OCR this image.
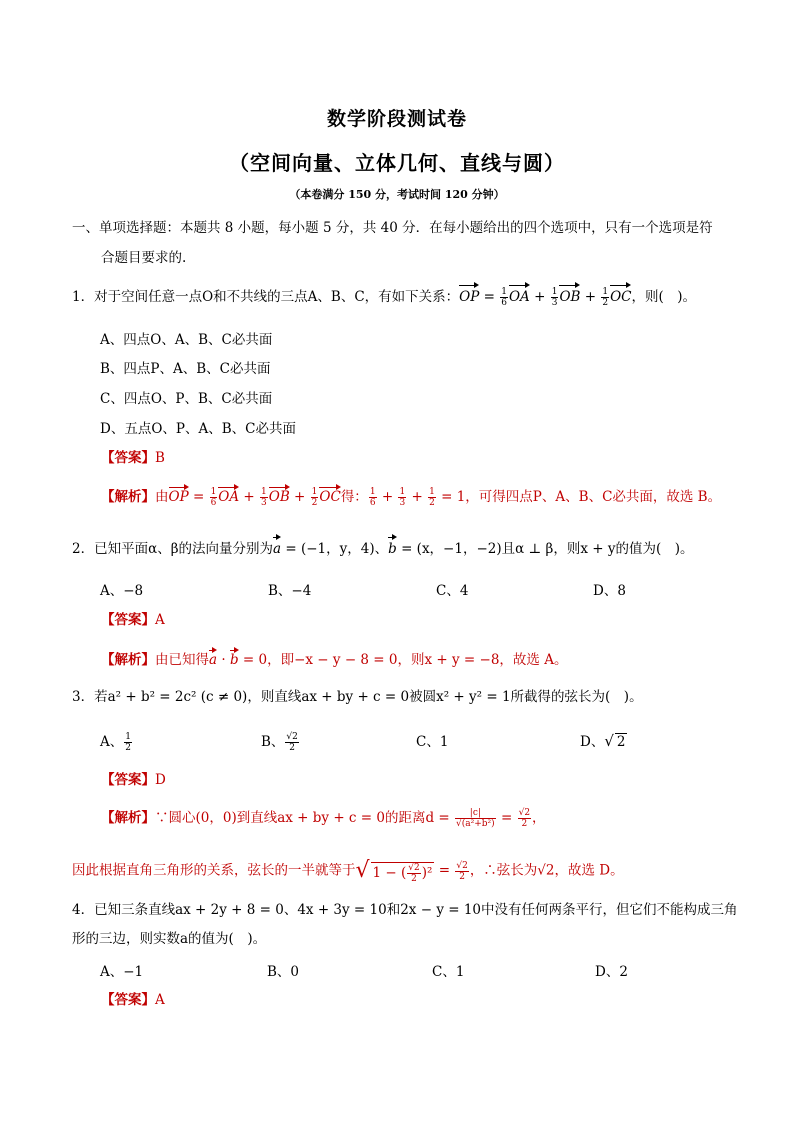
数学阶段测试卷
（空间向量、立体几何、直线与圆）
（本卷满分 150 分，考试时间 120 分钟）
一、单项选择题：本题共 8 小题，每小题 5 分，共 40 分．在每小题给出的四个选项中，只有一个选项是符
合题目要求的.
1．对于空间任意一点O和不共线的三点A、B、C，有如下关系：OP = $\frac{1}{6}$ OA + $\frac{1}{3}$ OB + $\frac{1}{2}$ OC，则(　)。
A、四点O、A、B、C必共面
B、四点P、A、B、C必共面
C、四点O、P、B、C必共面
D、五点O、P、A、B、C必共面
【答案】B
【解析】由OP = $\frac{1}{6}$ OA + $\frac{1}{3}$ OB + $\frac{1}{2}$ OC得： $\frac{1}{6} + \frac{1}{3} + \frac{1}{2} = 1$，可得四点P、A、B、C必共面，故选 B。
2．已知平面α、β的法向量分别为a = (−1，y，4)、b = (x，−1，−2)且α ⊥ β，则x + y的值为(　)。
A、−8	B、−4	C、4	D、8
【答案】A
【解析】由已知得a · b = 0，即−x − y − 8 = 0，则x + y = −8，故选 A。
3．若a² + b² = 2c² (c ≠ 0)，则直线ax + by + c = 0被圆x² + y² = 1所截得的弦长为(　)。
A、 $\frac{1}{2}$	B、 $\frac{√2}{2}$	C、1	D、√ 2
【答案】D
【解析】∵圆心(0，0)到直线ax + by + c = 0的距离$d = \frac{|c|}{\text{√(a²+b²)}} = \frac{√2}{2}$ ，
因此根据直角三角形的关系，弦长的一半就等于√ 1 − ( $\frac{√2}{2} )^2 = \frac{√2}{2}$ ，∴弦长为√2，故选 D。
4．已知三条直线ax + 2y + 8 = 0、4x + 3y = 10和2x − y = 10中没有任何两条平行，但它们不能构成三角
形的三边，则实数a的值为(　)。
A、−1	B、0	C、1	D、2
【答案】A
